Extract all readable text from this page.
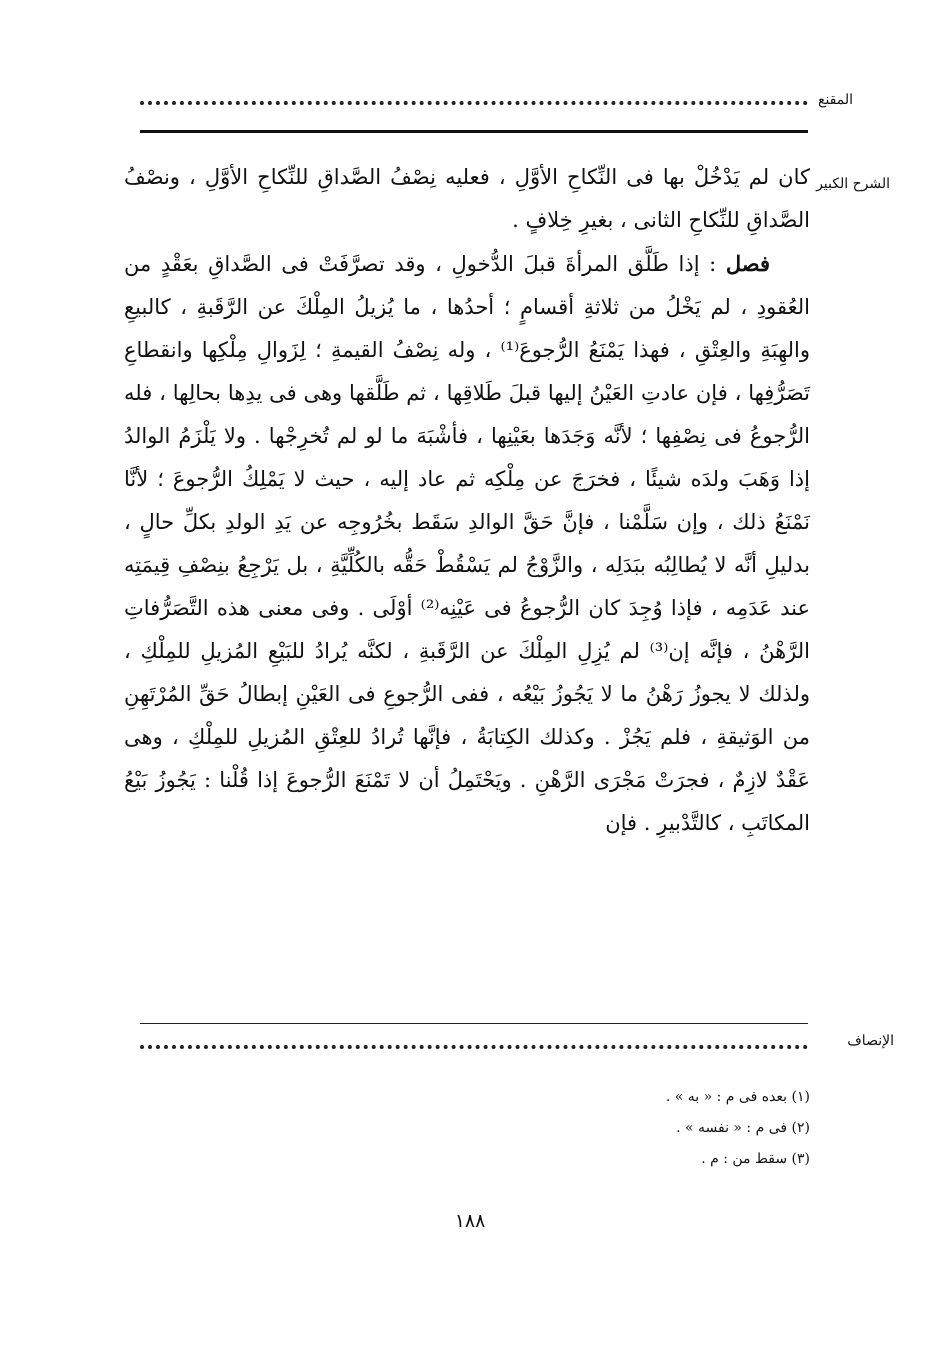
المقنع
الشرح الكبير

كان لم يَدْخُلْ بها فى النِّكاحِ الأوَّلِ ، فعليه نِصْفُ الصَّداقِ للنِّكاحِ الأوَّلِ ، ونصْفُ الصَّداقِ للنِّكاحِ الثانى ، بغيرِ خِلافٍ .

فصل : إذا طَلَّق المرأةَ قبلَ الدُّخولِ ، وقد تصرَّفَتْ فى الصَّداقِ بعَقْدٍ من العُقودِ ، لم يَخْلُ من ثلاثةِ أقسامٍ ؛ أحدُها ، ما يُزيلُ المِلْكَ عن الرَّقَبةِ ، كالبيعِ والهِبَةِ والعِتْقِ ، فهذا يَمْنَعُ الرُّجوعَ⁽¹⁾ ، وله نِصْفُ القيمةِ ؛ لِزَوالِ مِلْكِها وانقطاعِ تَصَرُّفِها ، فإن عادتِ العَيْنُ إليها قبلَ طَلاقِها ، ثم طَلَّقها وهى فى يدِها بحالِها ، فله الرُّجوعُ فى نِصْفِها ؛ لأنَّه وَجَدَها بعَيْنِها ، فأشْبَهَ ما لو لم تُخرِجْها . ولا يَلْزَمُ الوالدُ إذا وَهَبَ ولدَه شيئًا ، فخرَجَ عن مِلْكِه ثم عاد إليه ، حيث لا يَمْلِكُ الرُّجوعَ ؛ لأنَّا نَمْنَعُ ذلك ، وإن سَلَّمْنا ، فإنَّ حَقَّ الوالدِ سَقَط بخُرُوجِه عن يَدِ الولدِ بكلِّ حالٍ ، بدليلِ أنَّه لا يُطالِبُه ببَدَلِه ، والزَّوْجُ لم يَسْقُطْ حَقُّه بالكُلِّيَّةِ ، بل يَرْجِعُ بنِصْفِ قِيمَتِه عند عَدَمِه ، فإذا وُجِدَ كان الرُّجوعُ فى عَيْنِه⁽²⁾ أوْلَى . وفى معنى هذه التَّصَرُّفاتِ الرَّهْنُ ، فإنَّه إن⁽³⁾ لم يُزِلِ المِلْكَ عن الرَّقَبةِ ، لكنَّه يُرادُ للبَيْعِ المُزيلِ للمِلْكِ ، ولذلك لا يجوزُ رَهْنُ ما لا يَجُوزُ بَيْعُه ، ففى الرُّجوعِ فى العَيْنِ إبطالُ حَقِّ المُرْتَهِنِ من الوَثيقةِ ، فلم يَجُزْ . وكذلك الكِتابَةُ ، فإنَّها تُرادُ للعِتْقِ المُزيلِ للمِلْكِ ، وهى عَقْدٌ لازِمٌ ، فجرَتْ مَجْرَى الرَّهْنِ . ويَحْتَمِلُ أن لا تَمْنَعَ الرُّجوعَ إذا قُلْنا : يَجُوزُ بَيْعُ المكاتَبِ ، كالتَّدْبيرِ . فإن

الإنصاف
(١) بعده فى م : « به » .
(٢) فى م : « نفسه » .
(٣) سقط من : م .
١٨٨
